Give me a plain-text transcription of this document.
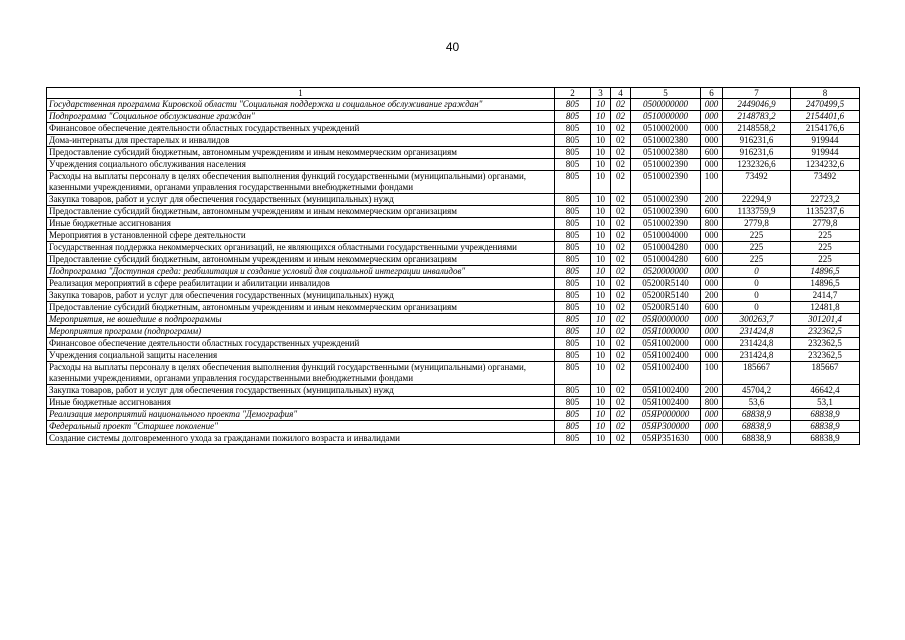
40
1	2	3	4	5	6	7	8
Государственная программа Кировской области "Социальная поддержка и социальное обслуживание граждан"	805	10	02	0500000000	000	2449046,9	2470499,5
Подпрограмма "Социальное обслуживание граждан"	805	10	02	0510000000	000	2148783,2	2154401,6
Финансовое обеспечение деятельности областных государственных учреждений	805	10	02	0510002000	000	2148558,2	2154176,6
Дома-интернаты для престарелых и инвалидов	805	10	02	0510002380	000	916231,6	919944
Предоставление субсидий бюджетным, автономным учреждениям и иным некоммерческим организациям	805	10	02	0510002380	600	916231,6	919944
Учреждения социального обслуживания населения	805	10	02	0510002390	000	1232326,6	1234232,6
Расходы на выплаты персоналу в целях обеспечения выполнения функций государственными (муниципальными) органами, казенными учреждениями, органами управления государственными внебюджетными фондами	805	10	02	0510002390	100	73492	73492
Закупка товаров, работ и услуг для обеспечения государственных (муниципальных) нужд	805	10	02	0510002390	200	22294,9	22723,2
Предоставление субсидий бюджетным, автономным учреждениям и иным некоммерческим организациям	805	10	02	0510002390	600	1133759,9	1135237,6
Иные бюджетные ассигнования	805	10	02	0510002390	800	2779,8	2779,8
Мероприятия в установленной сфере деятельности	805	10	02	0510004000	000	225	225
Государственная поддержка некоммерческих организаций, не являющихся областными государственными учреждениями	805	10	02	0510004280	000	225	225
Предоставление субсидий бюджетным, автономным учреждениям и иным некоммерческим организациям	805	10	02	0510004280	600	225	225
Подпрограмма "Доступная среда: реабилитация и создание условий для социальной интеграции инвалидов"	805	10	02	0520000000	000	0	14896,5
Реализация мероприятий в сфере реабилитации и абилитации инвалидов	805	10	02	05200R5140	000	0	14896,5
Закупка товаров, работ и услуг для обеспечения государственных (муниципальных) нужд	805	10	02	05200R5140	200	0	2414,7
Предоставление субсидий бюджетным, автономным учреждениям и иным некоммерческим организациям	805	10	02	05200R5140	600	0	12481,8
Мероприятия, не вошедшие в подпрограммы	805	10	02	05Я0000000	000	300263,7	301201,4
Мероприятия программ (подпрограмм)	805	10	02	05Я1000000	000	231424,8	232362,5
Финансовое обеспечение деятельности областных государственных учреждений	805	10	02	05Я1002000	000	231424,8	232362,5
Учреждения социальной защиты населения	805	10	02	05Я1002400	000	231424,8	232362,5
Расходы на выплаты персоналу в целях обеспечения выполнения функций государственными (муниципальными) органами, казенными учреждениями, органами управления государственными внебюджетными фондами	805	10	02	05Я1002400	100	185667	185667
Закупка товаров, работ и услуг для обеспечения государственных (муниципальных) нужд	805	10	02	05Я1002400	200	45704,2	46642,4
Иные бюджетные ассигнования	805	10	02	05Я1002400	800	53,6	53,1
Реализация мероприятий национального проекта "Демография"	805	10	02	05ЯP000000	000	68838,9	68838,9
Федеральный проект "Старшее поколение"	805	10	02	05ЯP300000	000	68838,9	68838,9
Создание системы долговременного ухода за гражданами пожилого возраста и инвалидами	805	10	02	05ЯP351630	000	68838,9	68838,9
